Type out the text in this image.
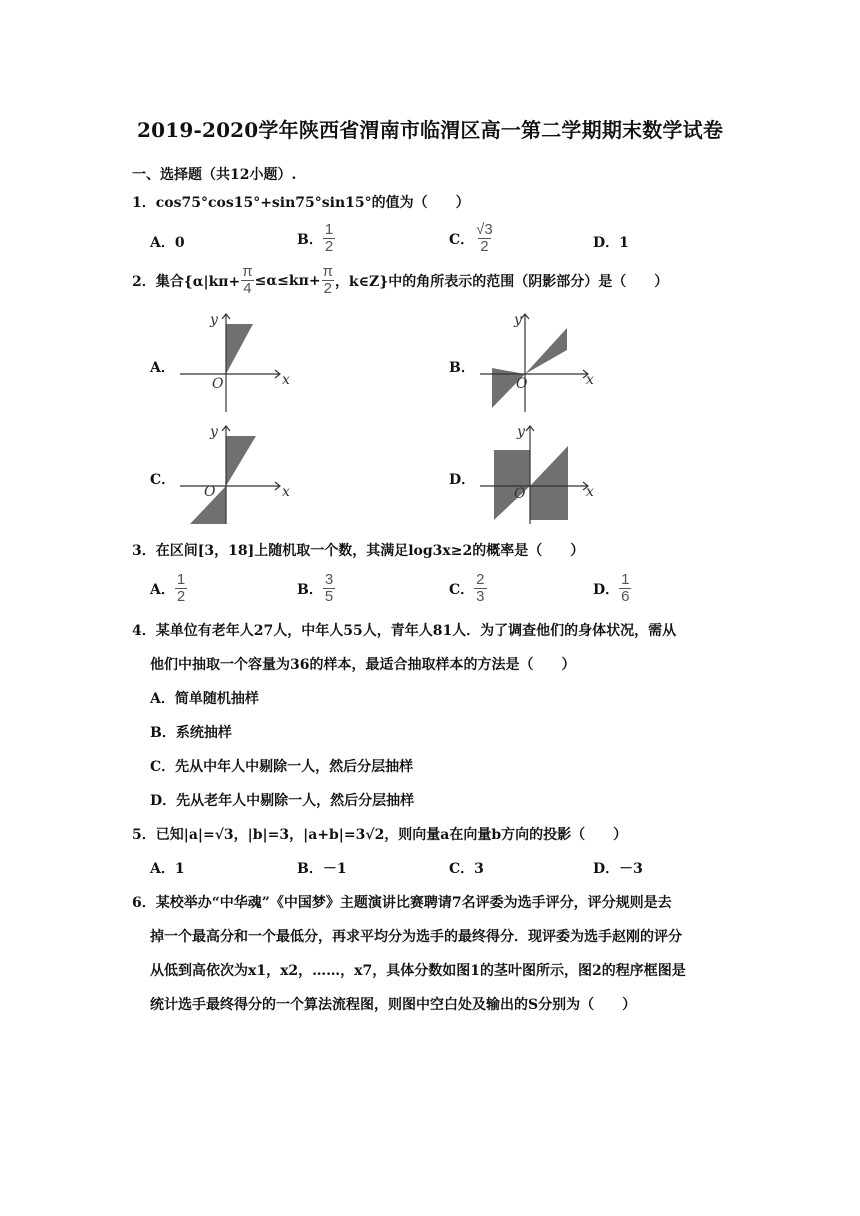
2019-2020学年陕西省渭南市临渭区高一第二学期期末数学试卷
一、选择题（共12小题）.
1．cos75°cos15°+sin75°sin15°的值为（　　）
A．0	B． $\frac{1}{2}$	C． $\frac{√3}{2}$	D．1
2．集合{$\alpha|k\pi+ \frac{\pi}{4} \le\alpha\le k\pi+ \frac{\pi}{2}$ ，k∈Z}中的角所表示的范围（阴影部分）是（　　）
A．	B．
C．	D．
y
x
O
y
x
O
y
x
O
y
x
O
3．在区间[3，18]上随机取一个数，其满足log3x≥2的概率是（　　）
A． $\frac{1}{2}$	B． $\frac{3}{5}$	C． $\frac{2}{3}$	D． $\frac{1}{6}$
4．某单位有老年人27人，中年人55人，青年人81人．为了调查他们的身体状况，需从
他们中抽取一个容量为36的样本，最适合抽取样本的方法是（　　）
A．简单随机抽样
B．系统抽样
C．先从中年人中剔除一人，然后分层抽样
D．先从老年人中剔除一人，然后分层抽样
5．已知|a|=√3，|b|=3，|a+b|=3√2，则向量a在向量b方向的投影（　　）
A．1	B．－1	C．3	D．－3
6．某校举办“中华魂”《中国梦》主题演讲比赛聘请7名评委为选手评分，评分规则是去
掉一个最高分和一个最低分，再求平均分为选手的最终得分．现评委为选手赵刚的评分
从低到高依次为x1，x2，……，x7，具体分数如图1的茎叶图所示，图2的程序框图是
统计选手最终得分的一个算法流程图，则图中空白处及输出的S分别为（　　）
